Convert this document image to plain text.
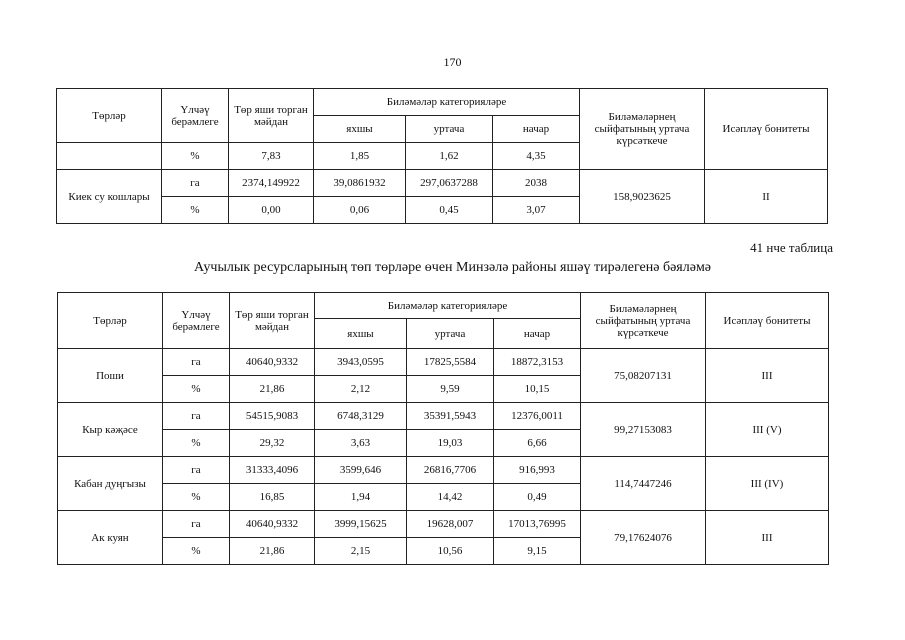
170
Төрләр	Үлчәү берәмлеге	Төр яши торган мәйдан	Биләмәләр категорияләре			Биләмәләрнең сыйфатының уртача күрсәткече	Исәпләү бонитеты
			яхшы	уртача	начар		
	%	7,83	1,85	1,62	4,35		
Киек су кошлары	га	2374,149922	39,0861932	297,0637288	2038	158,9023625	II
	%	0,00	0,06	0,45	3,07		
41 нче таблица
Аучылык ресурсларының төп төрләре өчен Минзәлә районы яшәү тирәлегенә бәяләмә
Төрләр	Үлчәү берәмлеге	Төр яши торган мәйдан	Биләмәләр категорияләре			Биләмәләрнең сыйфатының уртача күрсәткече	Исәпләү бонитеты
			яхшы	уртача	начар		
Поши	га	40640,9332	3943,0595	17825,5584	18872,3153	75,08207131	III
	%	21,86	2,12	9,59	10,15		
Кыр кәҗәсе	га	54515,9083	6748,3129	35391,5943	12376,0011	99,27153083	III (V)
	%	29,32	3,63	19,03	6,66		
Кабан дуңгызы	га	31333,4096	3599,646	26816,7706	916,993	114,7447246	III (IV)
	%	16,85	1,94	14,42	0,49		
Ак куян	га	40640,9332	3999,15625	19628,007	17013,76995	79,17624076	III
	%	21,86	2,15	10,56	9,15		
